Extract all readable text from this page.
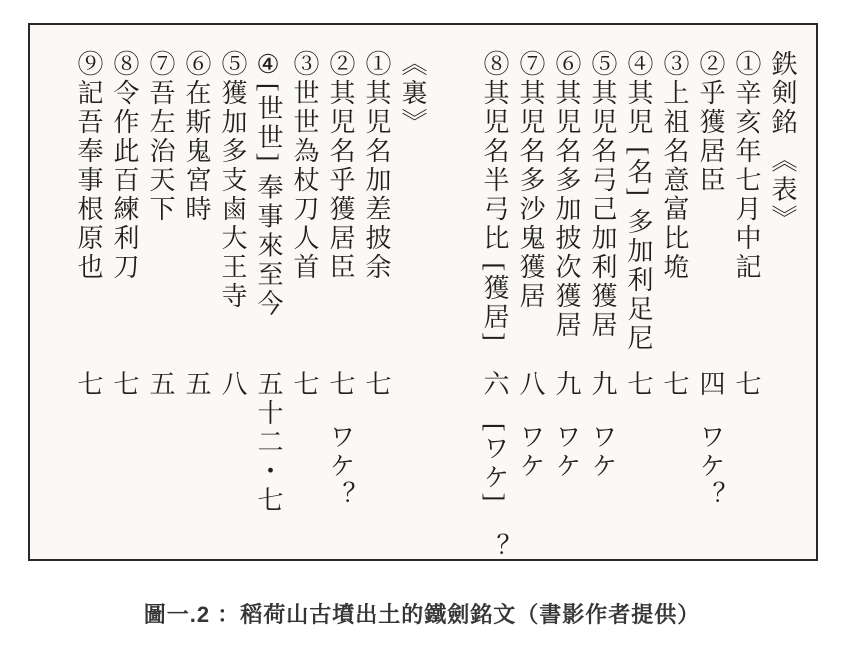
鉄剣銘 《表》
①辛亥年七月中記
七
②乎獲居臣
四ワケ？
③上祖名意富比垝
七
④其児 [名] 多加利足尼
七
⑤其児名弓己加利獲居
九ワケ
⑥其児名多加披次獲居
九ワケ
⑦其児名多沙鬼獲居
八ワケ
⑧其児名半弓比 [獲居]
六[ワケ]　？
《裏》
①其児名加差披余
七
②其児名乎獲居臣
七ワケ？
③世世為杖刀人首
七
④[世世] 奉事來至今
五十二・七
⑤獲加多支鹵大王寺
八
⑥在斯鬼宮時
五
⑦吾左治天下
五
⑧令作此百練利刀
七
⑨記吾奉事根原也
七
圖一.2 ：稻荷山古墳出土的鐵劍銘文（書影作者提供）
